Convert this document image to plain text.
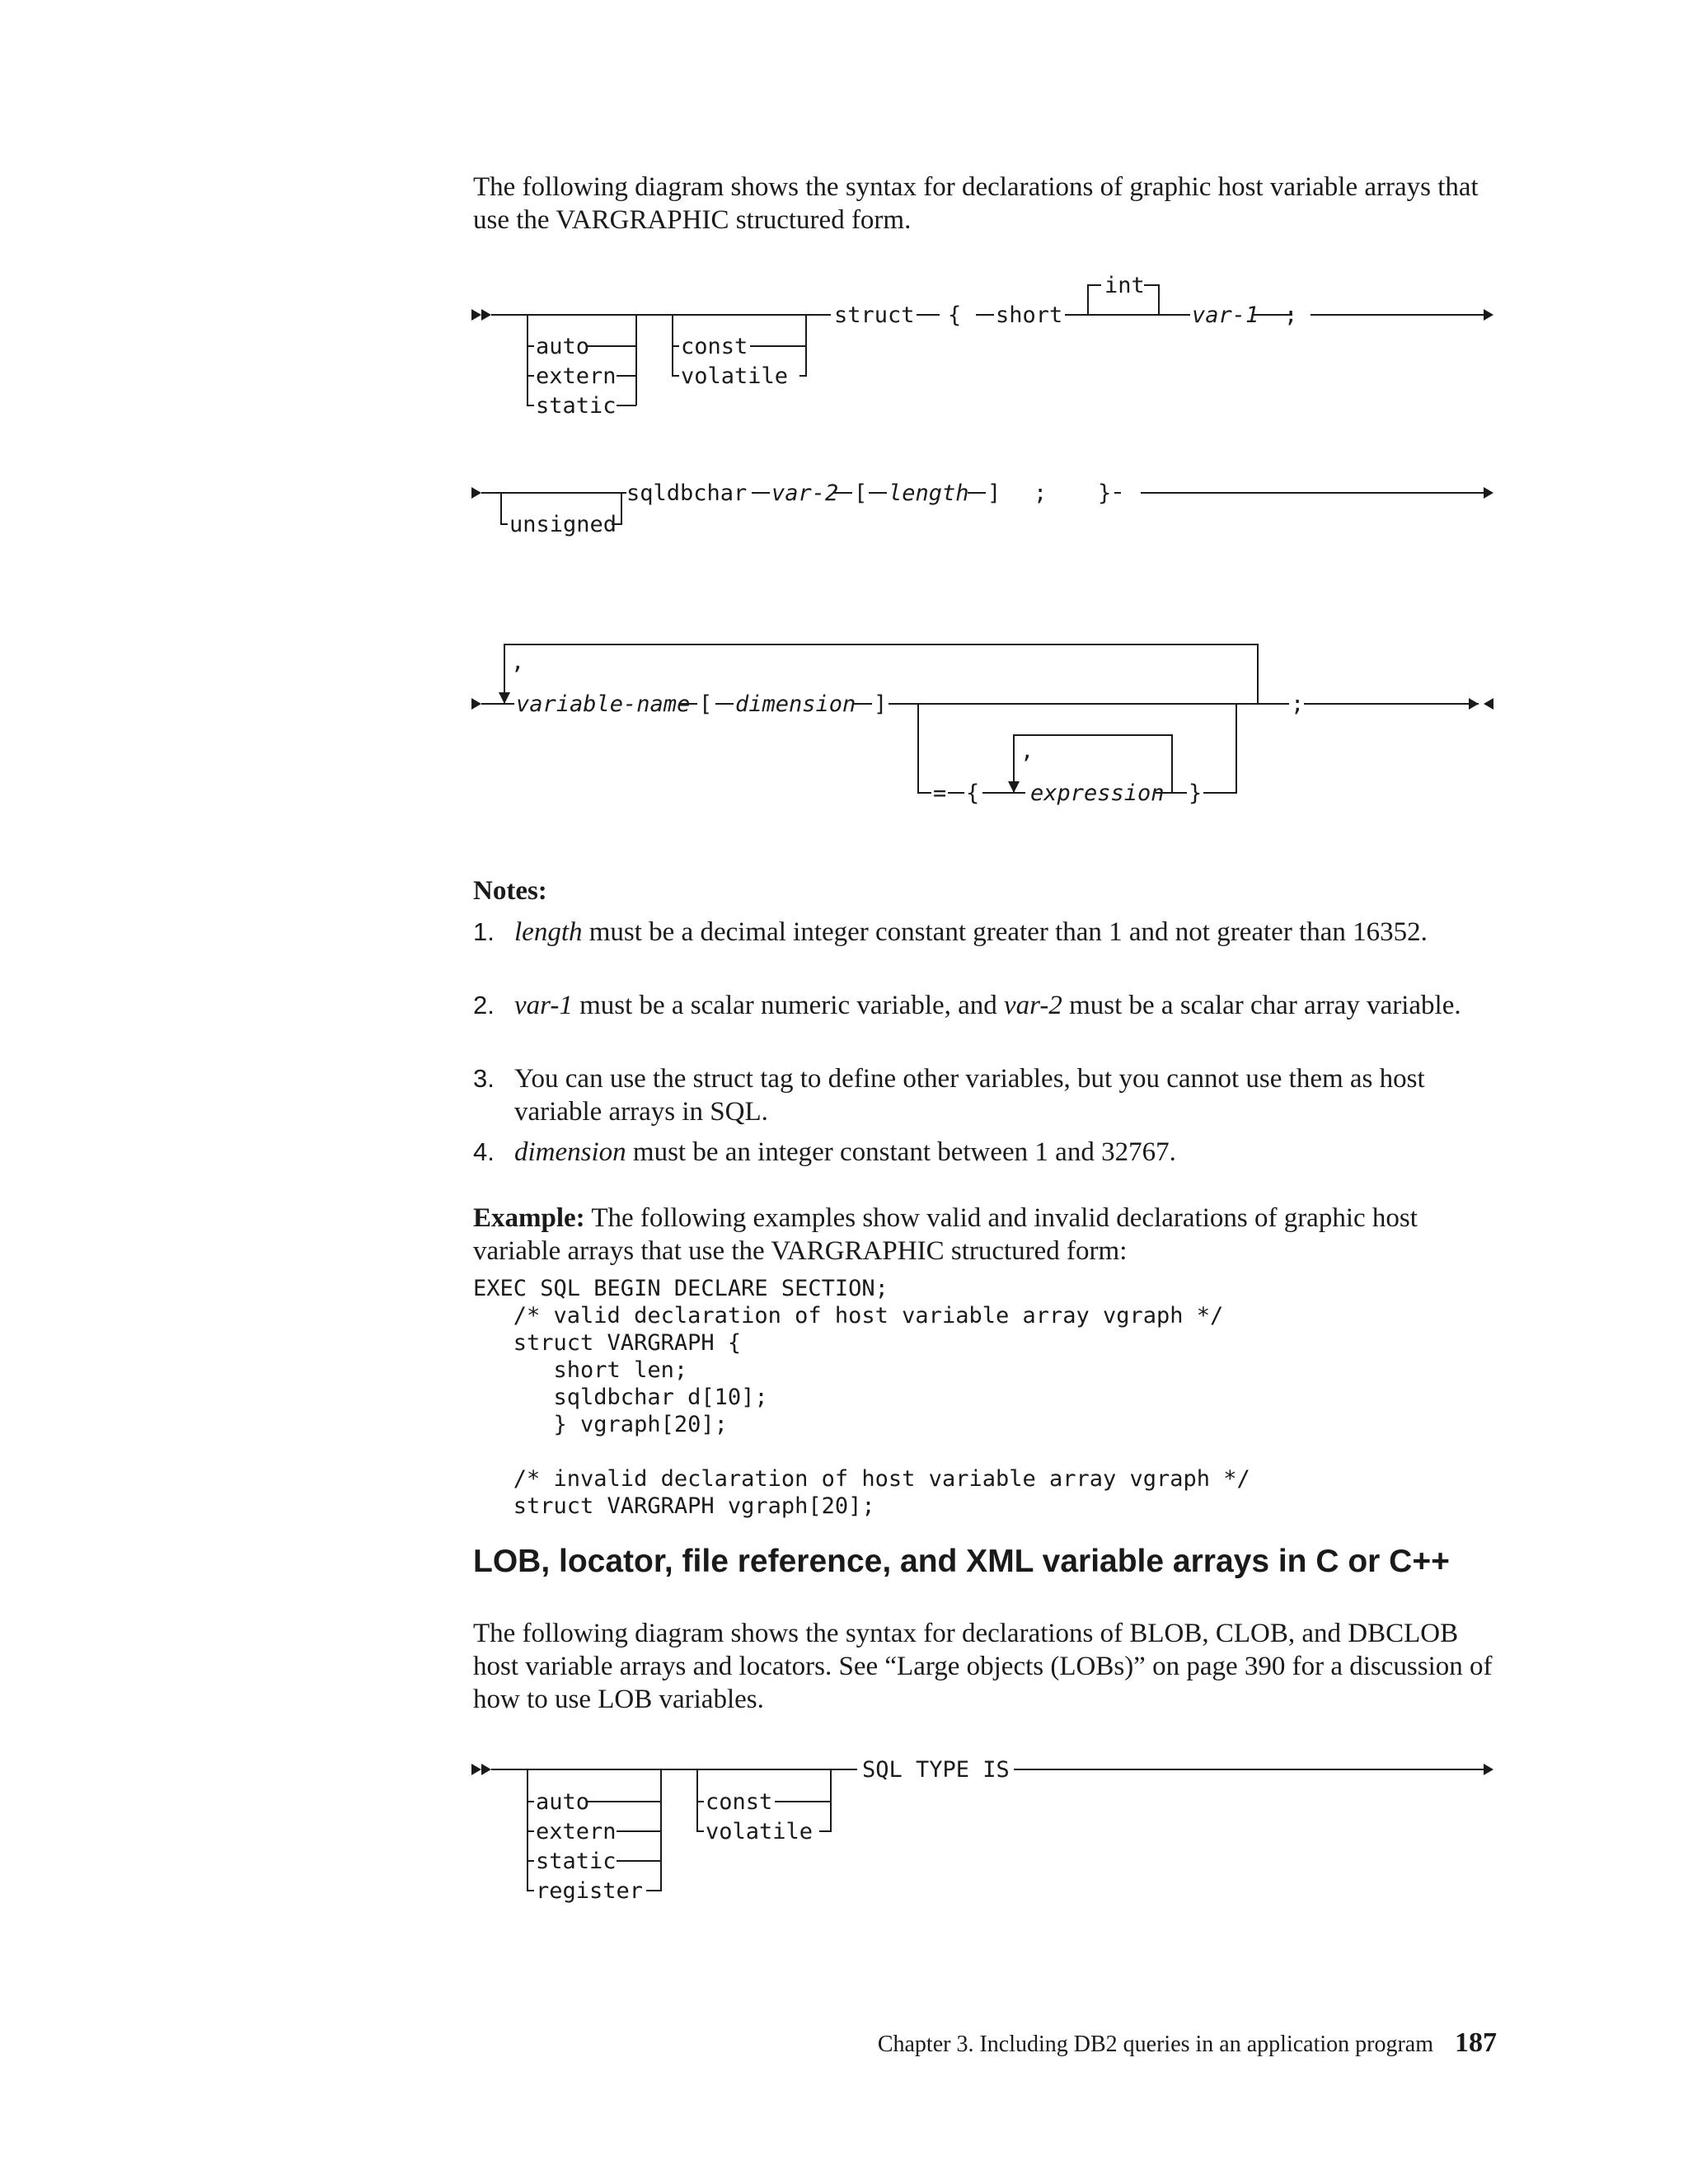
The following diagram shows the syntax for declarations of graphic host variable arrays that use the VARGRAPHIC structured form.

auto
extern
static
const
volatile
struct { short
int
var-1 ;
unsigned
sqldbchar var-2 [ length ] ; }
,
variable-name [ dimension ]
= {
,
expression }
;

Notes:

1. length must be a decimal integer constant greater than 1 and not greater than 16352.
2. var-1 must be a scalar numeric variable, and var-2 must be a scalar char array variable.
3. You can use the struct tag to define other variables, but you cannot use them as host variable arrays in SQL.
4. dimension must be an integer constant between 1 and 32767.

Example: The following examples show valid and invalid declarations of graphic host variable arrays that use the VARGRAPHIC structured form:

EXEC SQL BEGIN DECLARE SECTION;
/* valid declaration of host variable array vgraph */
struct VARGRAPH {
short len;
sqldbchar d[10];
} vgraph[20];

/* invalid declaration of host variable array vgraph */
struct VARGRAPH vgraph[20];
LOB, locator, file reference, and XML variable arrays in C or C++

The following diagram shows the syntax for declarations of BLOB, CLOB, and DBCLOB host variable arrays and locators. See “Large objects (LOBs)” on page 390 for a discussion of how to use LOB variables.

auto
extern
static
register
const
volatile
SQL TYPE IS
Chapter 3. Including DB2 queries in an application program 187
